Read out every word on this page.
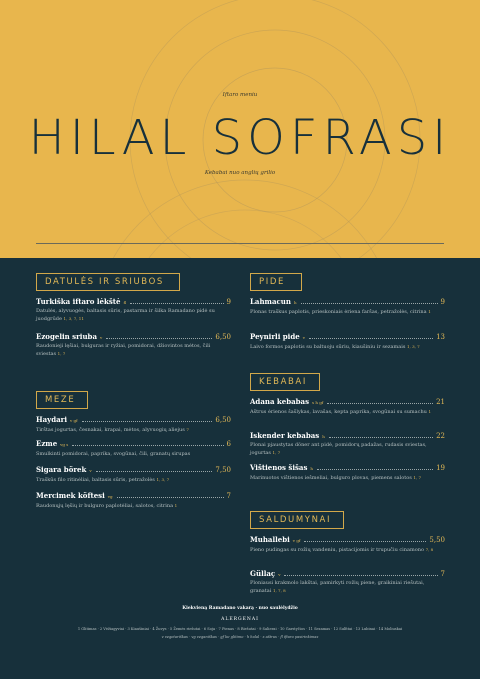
Iftaro meniu
HILAL SOFRASI
Kebabai nuo anglių grilio
DATULĖS IR SRIUBOS
Turkiška iftaro lėkštė fl	9
Datulės, alyvuogės, baltasis sūris, pastarma ir šilka Ramadano pidė su juodgrūde 1, 3, 7, 11
Ezogelin sriuba v	6,50
Raudonieji lęšiai, bulguras ir ryžiai, pomidorai, džiovintos mėtos, čili sviestas 1, 7
MEZE
Haydari v gf	6,50
Tirštas jogurtas, česnakai, krapai, mėtos, alyvuogių aliejus 7
Ezme vg s	6
Smulkinti pomidorai, paprika, svogūnai, čili, granatų sirupas
Sigara börek v	7,50
Traškūs filo ritinėliai, baltasis sūris, petražolės 1, 3, 7
Mercimek köftesi vg	7
Raudonųjų lęšių ir bulguro paplotėliai, salotos, citrina 1
PIDE
Lahmacun h	9
Plonas traškus paplotis, prieskoniais ėriena faršas, petražolės, citrina 1
Peynirli pide v	13
Laivo formos paplotis su baltuoju sūriu, kiaušiniu ir sezamais 1, 3, 7
KEBABAI
Adana kebabas s h gf	21
Aštrus ėrienos šašlykas, lavašas, kepta paprika, svogūnai su sumachu 1
Iskender kebabas h	22
Plonai pjaustytas döner ant pidė, pomidorų padažas, rudasis sviestas, jogurtas 1, 7
Vištienos šišas h	19
Marinuotos vištienos iešmeliai, bulguro plovas, piemens salotos 1, 7
SALDUMYNAI
Muhallebi v gf	5,50
Pieno pudingas su rožių vandeniu, pistacijomis ir trupučiu cinamono 7, 8
Güllaç v	7
Ploniausi krakmolo lakštai, pamirkyti rožių piene, graikiniai riešutai, granatai 1, 7, 8
Kiekvieną Ramadano vakarą · nuo saulėlydžio
ALERGENAI
1 Glitimas · 2 Vėžiagyviai · 3 Kiaušiniai · 4 Žuvys · 5 Žemės riešutai · 6 Soja · 7 Pienas · 8 Riešutai · 9 Salierai · 10 Garstyčios · 11 Sezamas · 12 Sulfitai · 13 Lubinai · 14 Moliuskai
v vegetariškas · vg veganiškas · gf be glitimo · h halal · s aštrus · fl iftaro pasirinkimas
